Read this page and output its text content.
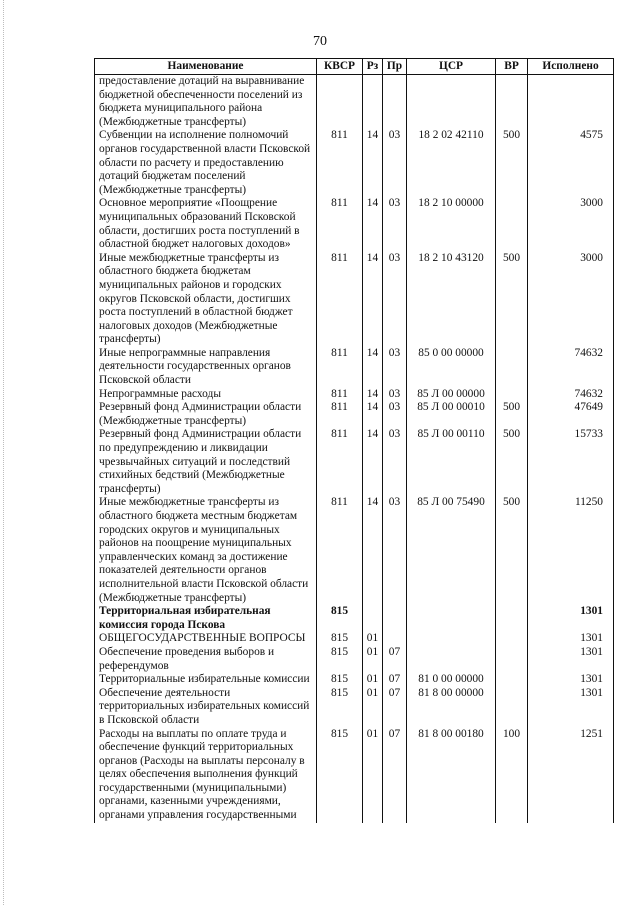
70
Наименование	КВСР	Рз	Пр	ЦСР	ВР	Исполнено
предоставление дотаций на выравнивание бюджетной обеспеченности поселений из бюджета муниципального района (Межбюджетные трансферты)						
Субвенции на исполнение полномочий органов государственной власти Псковской области по расчету и предоставлению дотаций бюджетам поселений (Межбюджетные трансферты)	811	14	03	18 2 02 42110	500	4575
Основное мероприятие «Поощрение муниципальных образований Псковской области, достигших роста поступлений в областной бюджет налоговых доходов»	811	14	03	18 2 10 00000		3000
Иные межбюджетные трансферты из областного бюджета бюджетам муниципальных районов и городских округов Псковской области, достигших роста поступлений в областной бюджет налоговых доходов (Межбюджетные трансферты)	811	14	03	18 2 10 43120	500	3000
Иные непрограммные направления деятельности государственных органов Псковской области	811	14	03	85 0 00 00000		74632
Непрограммные расходы	811	14	03	85 Л 00 00000		74632
Резервный фонд Администрации области (Межбюджетные трансферты)	811	14	03	85 Л 00 00010	500	47649
Резервный фонд Администрации области по предупреждению и ликвидации чрезвычайных ситуаций и последствий стихийных бедствий (Межбюджетные трансферты)	811	14	03	85 Л 00 00110	500	15733
Иные межбюджетные трансферты из областного бюджета местным бюджетам городских округов и муниципальных районов на поощрение муниципальных управленческих команд за достижение показателей деятельности органов исполнительной власти Псковской области (Межбюджетные трансферты)	811	14	03	85 Л 00 75490	500	11250
Территориальная избирательная комиссия города Пскова	815					1301
ОБЩЕГОСУДАРСТВЕННЫЕ ВОПРОСЫ	815	01				1301
Обеспечение проведения выборов и референдумов	815	01	07			1301
Территориальные избирательные комиссии	815	01	07	81 0 00 00000		1301
Обеспечение деятельности территориальных избирательных комиссий в Псковской области	815	01	07	81 8 00 00000		1301
Расходы на выплаты по оплате труда и обеспечение функций территориальных органов (Расходы на выплаты персоналу в целях обеспечения выполнения функций государственными (муниципальными) органами, казенными учреждениями, органами управления государственными	815	01	07	81 8 00 00180	100	1251
